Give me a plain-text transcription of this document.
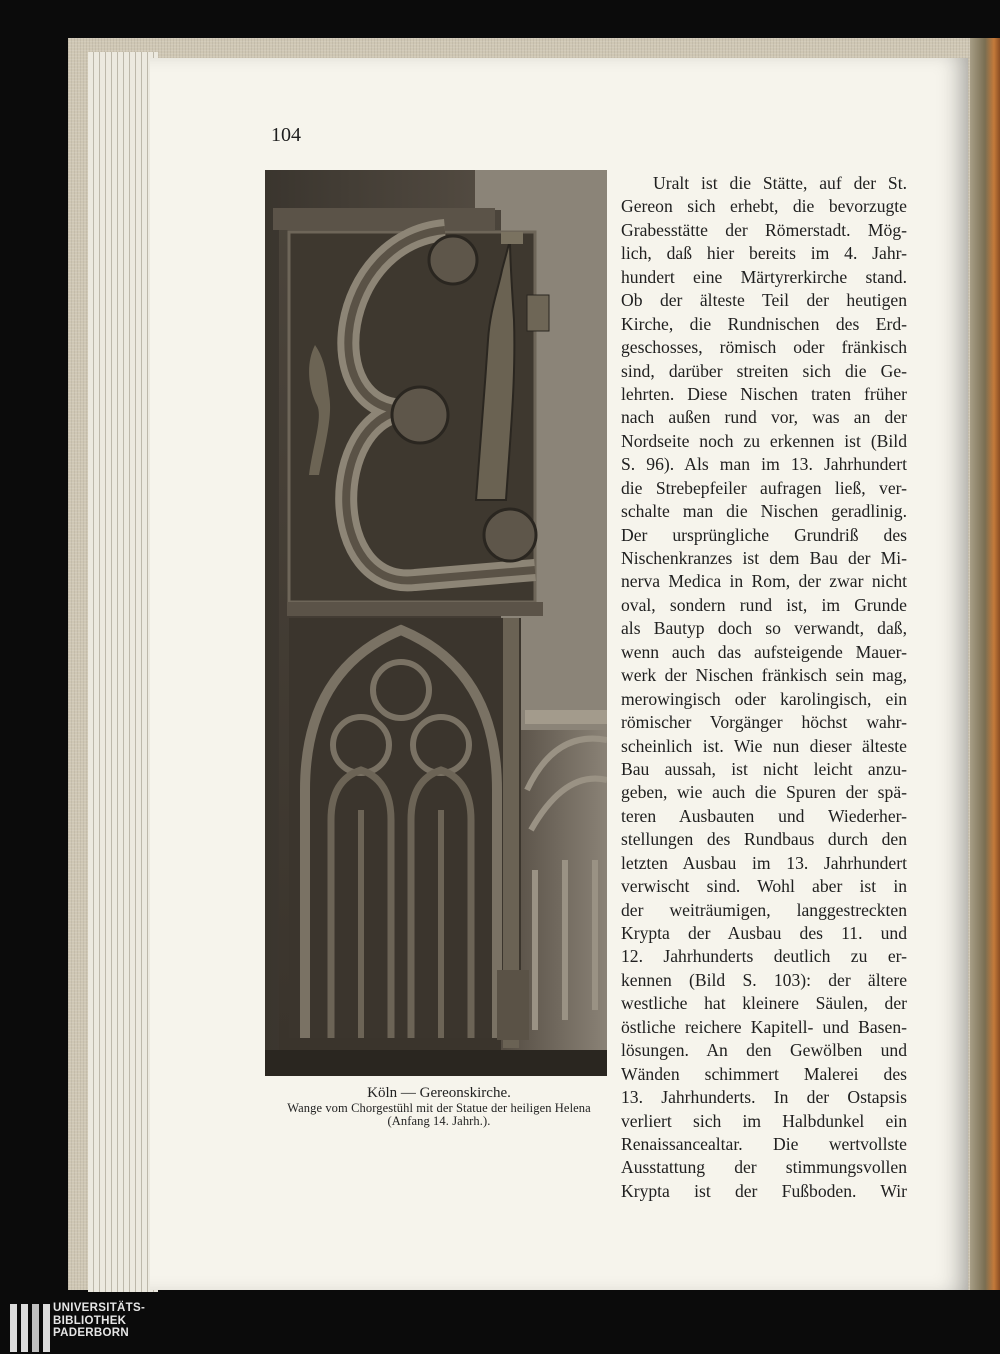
104
Köln — Gereonskirche.
Wange vom Chorgestühl mit der Statue der heiligen Helena
(Anfang 14. Jahrh.).
Uralt ist die Stätte, auf der St.
Gereon sich erhebt, die bevorzugte
Grabesstätte der Römerstadt. Mög-
lich, daß hier bereits im 4. Jahr-
hundert eine Märtyrerkirche stand.
Ob der älteste Teil der heutigen
Kirche, die Rundnischen des Erd-
geschosses, römisch oder fränkisch
sind, darüber streiten sich die Ge-
lehrten. Diese Nischen traten früher
nach außen rund vor, was an der
Nordseite noch zu erkennen ist (Bild
S. 96). Als man im 13. Jahrhundert
die Strebepfeiler aufragen ließ, ver-
schalte man die Nischen geradlinig.
Der ursprüngliche Grundriß des
Nischenkranzes ist dem Bau der Mi-
nerva Medica in Rom, der zwar nicht
oval, sondern rund ist, im Grunde
als Bautyp doch so verwandt, daß,
wenn auch das aufsteigende Mauer-
werk der Nischen fränkisch sein mag,
merowingisch oder karolingisch, ein
römischer Vorgänger höchst wahr-
scheinlich ist. Wie nun dieser älteste
Bau aussah, ist nicht leicht anzu-
geben, wie auch die Spuren der spä-
teren Ausbauten und Wiederher-
stellungen des Rundbaus durch den
letzten Ausbau im 13. Jahrhundert
verwischt sind. Wohl aber ist in
der weiträumigen, langgestreckten
Krypta der Ausbau des 11. und
12. Jahrhunderts deutlich zu er-
kennen (Bild S. 103): der ältere
westliche hat kleinere Säulen, der
östliche reichere Kapitell- und Basen-
lösungen. An den Gewölben und
Wänden schimmert Malerei des
13. Jahrhunderts. In der Ostapsis
verliert sich im Halbdunkel ein
Renaissancealtar. Die wertvollste
Ausstattung der stimmungsvollen
Krypta ist der Fußboden. Wir
UNIVERSITÄTS-
BIBLIOTHEK
PADERBORN
